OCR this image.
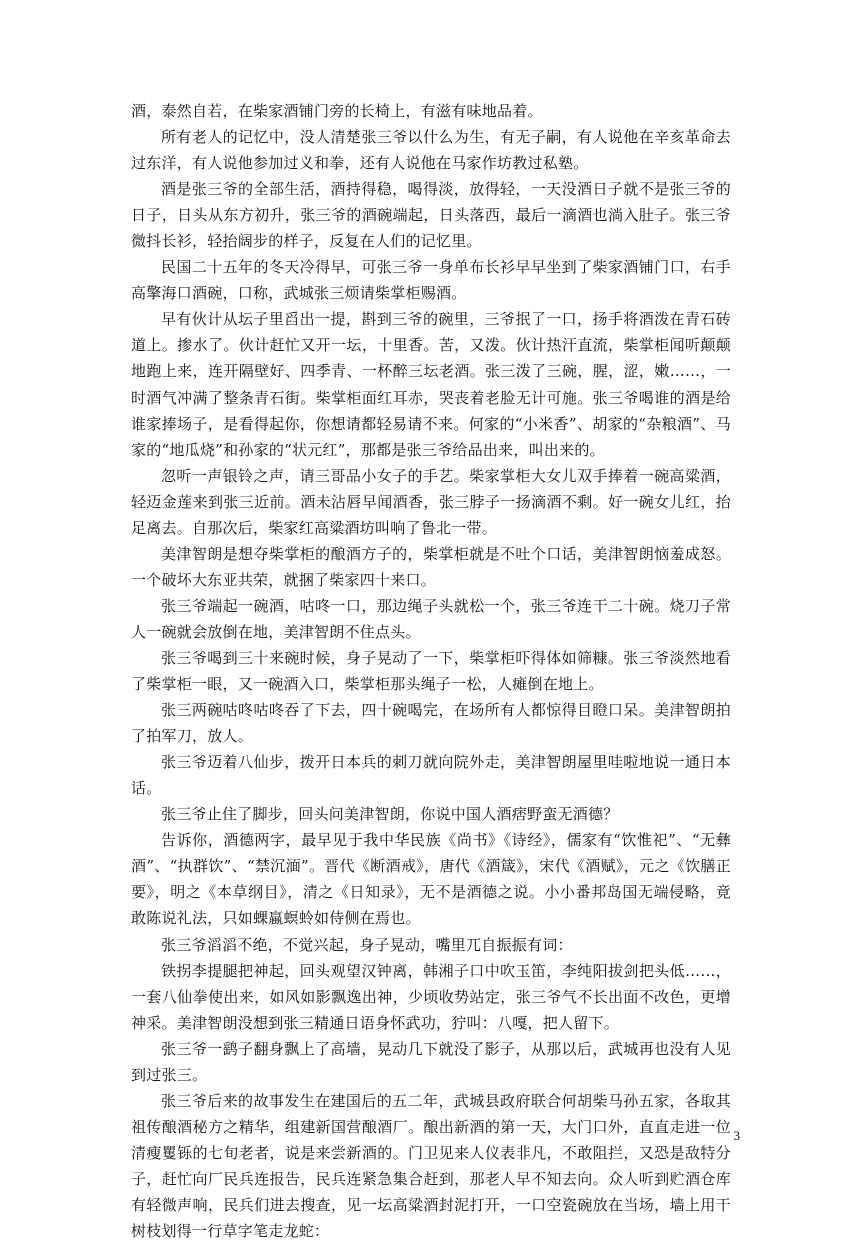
酒，泰然自若，在柴家酒铺门旁的长椅上，有滋有味地品着。

所有老人的记忆中，没人清楚张三爷以什么为生，有无子嗣，有人说他在辛亥革命去过东洋，有人说他参加过义和拳，还有人说他在马家作坊教过私塾。

酒是张三爷的全部生活，酒持得稳，喝得淡，放得轻，一天没酒日子就不是张三爷的日子，日头从东方初升，张三爷的酒碗端起，日头落西，最后一滴酒也淌入肚子。张三爷微抖长衫，轻抬阔步的样子，反复在人们的记忆里。

民国二十五年的冬天冷得早，可张三爷一身单布长衫早早坐到了柴家酒铺门口，右手高擎海口酒碗，口称，武城张三烦请柴掌柜赐酒。

早有伙计从坛子里舀出一提，斟到三爷的碗里，三爷抿了一口，扬手将酒泼在青石砖道上。掺水了。伙计赶忙又开一坛，十里香。苦，又泼。伙计热汗直流，柴掌柜闻听颠颠地跑上来，连开隔壁好、四季青、一杯醉三坛老酒。张三泼了三碗，腥，涩，嫩……，一时酒气冲满了整条青石街。柴掌柜面红耳赤，哭丧着老脸无计可施。张三爷喝谁的酒是给谁家捧场子，是看得起你，你想请都轻易请不来。何家的“小米香”、胡家的“杂粮酒”、马家的“地瓜烧”和孙家的“状元红”，那都是张三爷给品出来，叫出来的。

忽听一声银铃之声，请三哥品小女子的手艺。柴家掌柜大女儿双手捧着一碗高粱酒，轻迈金莲来到张三近前。酒未沾唇早闻酒香，张三脖子一扬滴酒不剩。好一碗女儿红，抬足离去。自那次后，柴家红高粱酒坊叫响了鲁北一带。

美津智朗是想夺柴掌柜的酿酒方子的，柴掌柜就是不吐个口话，美津智朗恼羞成怒。一个破坏大东亚共荣，就捆了柴家四十来口。

张三爷端起一碗酒，咕咚一口，那边绳子头就松一个，张三爷连干二十碗。烧刀子常人一碗就会放倒在地，美津智朗不住点头。

张三爷喝到三十来碗时候，身子晃动了一下，柴掌柜吓得体如筛糠。张三爷淡然地看了柴掌柜一眼，又一碗酒入口，柴掌柜那头绳子一松，人瘫倒在地上。

张三两碗咕咚咕咚吞了下去，四十碗喝完，在场所有人都惊得目瞪口呆。美津智朗拍了拍军刀，放人。

张三爷迈着八仙步，拨开日本兵的刺刀就向院外走，美津智朗屋里哇啦地说一通日本话。

张三爷止住了脚步，回头问美津智朗，你说中国人酒痞野蛮无酒德？

告诉你，酒德两字，最早见于我中华民族《尚书》《诗经》，儒家有“饮惟祀”、“无彝酒”、“执群饮”、“禁沉湎”。晋代《断酒戒》，唐代《酒箴》，宋代《酒赋》，元之《饮膳正要》，明之《本草纲目》，清之《日知录》，无不是酒德之说。小小番邦岛国无端侵略，竟敢陈说礼法，只如蜾蠃螟蛉如侍侧在焉也。

张三爷滔滔不绝，不觉兴起，身子晃动，嘴里兀自振振有词：

铁拐李提腿把神起，回头观望汉钟离，韩湘子口中吹玉笛，李纯阳拔剑把头低……，一套八仙拳使出来，如风如影飘逸出神，少顷收势站定，张三爷气不长出面不改色，更增神采。美津智朗没想到张三精通日语身怀武功，狞叫：八嘎，把人留下。

张三爷一鹞子翻身飘上了高墙，晃动几下就没了影子，从那以后，武城再也没有人见到过张三。

张三爷后来的故事发生在建国后的五二年，武城县政府联合何胡柴马孙五家，各取其祖传酿酒秘方之精华，组建新国营酿酒厂。酿出新酒的第一天，大门口外，直直走进一位清瘦矍铄的七旬老者，说是来尝新酒的。门卫见来人仪表非凡，不敢阻拦，又恐是敌特分子，赶忙向厂民兵连报告，民兵连紧急集合赶到，那老人早不知去向。众人听到贮酒仓库有轻微声响，民兵们进去搜查，见一坛高粱酒封泥打开，一口空瓷碗放在当场，墙上用干树枝划得一行草字笔走龙蛇：

3
